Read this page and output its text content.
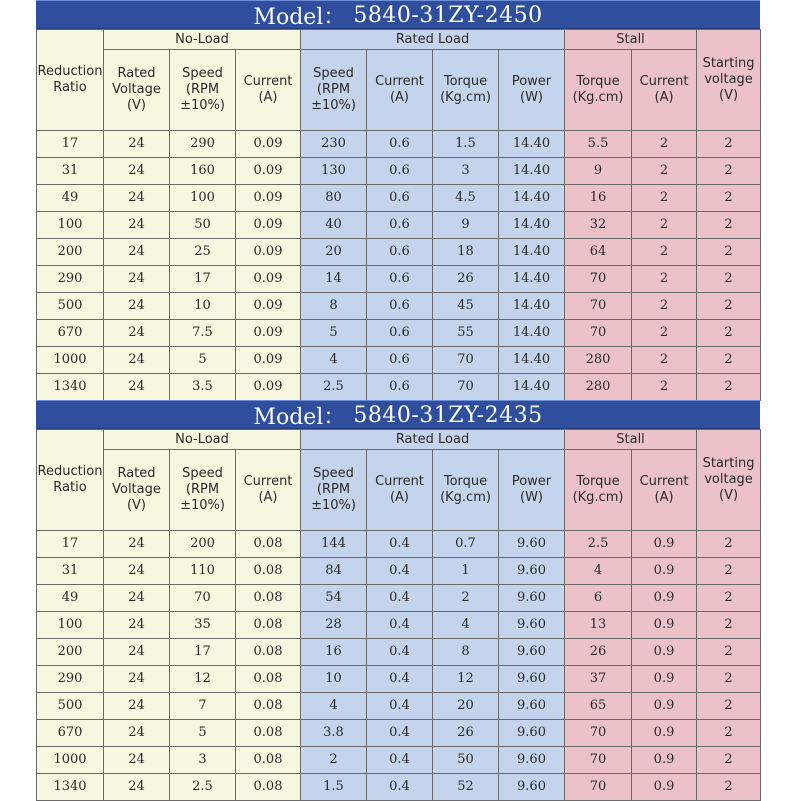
Model： 5840-31ZY-2450
Reduction
Ratio	No-Load			Rated Load				Stall		Starting
voltage
(V)

	Rated
Voltage
(V)	Speed
(RPM
±10%)	Current
(A)	Speed
(RPM
±10%)	Current
(A)	Torque
(Kg.cm)	Power
(W)	Torque
(Kg.cm)	Current
(A)	

17	24	290	0.09	230	0.6	1.5	14.40	5.5	2	2
31	24	160	0.09	130	0.6	3	14.40	9	2	2
49	24	100	0.09	80	0.6	4.5	14.40	16	2	2
100	24	50	0.09	40	0.6	9	14.40	32	2	2
200	24	25	0.09	20	0.6	18	14.40	64	2	2
290	24	17	0.09	14	0.6	26	14.40	70	2	2
500	24	10	0.09	8	0.6	45	14.40	70	2	2
670	24	7.5	0.09	5	0.6	55	14.40	70	2	2
1000	24	5	0.09	4	0.6	70	14.40	280	2	2
1340	24	3.5	0.09	2.5	0.6	70	14.40	280	2	2
Model： 5840-31ZY-2435
Reduction
Ratio	No-Load			Rated Load				Stall		Starting
voltage
(V)

	Rated
Voltage
(V)	Speed
(RPM
±10%)	Current
(A)	Speed
(RPM
±10%)	Current
(A)	Torque
(Kg.cm)	Power
(W)	Torque
(Kg.cm)	Current
(A)	

17	24	200	0.08	144	0.4	0.7	9.60	2.5	0.9	2
31	24	110	0.08	84	0.4	1	9.60	4	0.9	2
49	24	70	0.08	54	0.4	2	9.60	6	0.9	2
100	24	35	0.08	28	0.4	4	9.60	13	0.9	2
200	24	17	0.08	16	0.4	8	9.60	26	0.9	2
290	24	12	0.08	10	0.4	12	9.60	37	0.9	2
500	24	7	0.08	4	0.4	20	9.60	65	0.9	2
670	24	5	0.08	3.8	0.4	26	9.60	70	0.9	2
1000	24	3	0.08	2	0.4	50	9.60	70	0.9	2
1340	24	2.5	0.08	1.5	0.4	52	9.60	70	0.9	2
